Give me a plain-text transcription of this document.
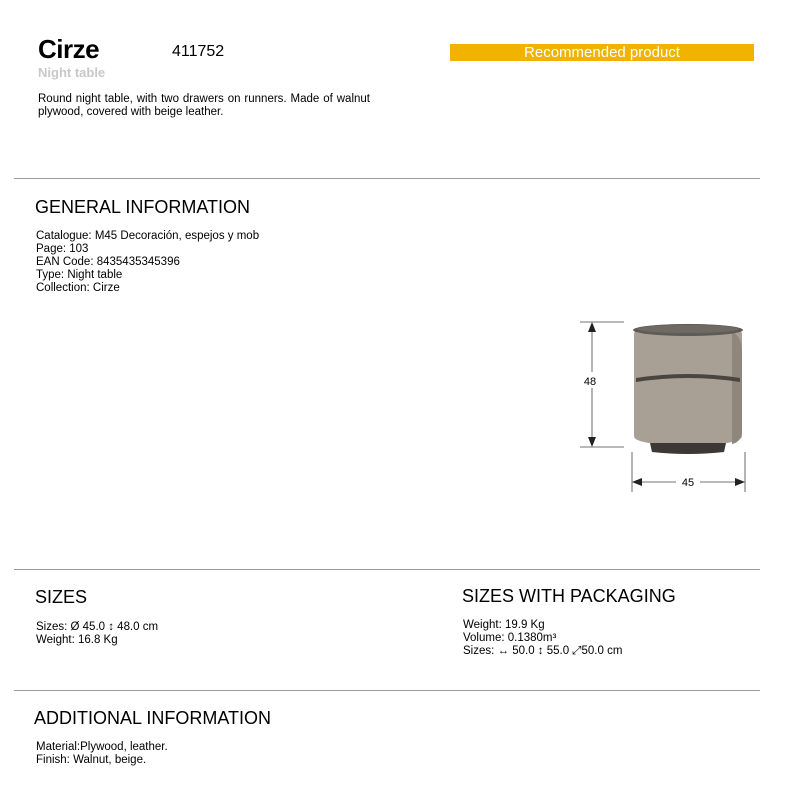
Cirze	411752
Night table
Recommended product
Round night table, with two drawers on runners. Made of walnut plywood, covered with beige leather.
GENERAL INFORMATION
Catalogue: M45 Decoración, espejos y mob
Page: 103
EAN Code: 8435435345396
Type: Night table
Collection: Cirze
48
45
SIZES
Sizes: Ø 45.0 ↕ 48.0 cm
Weight: 16.8 Kg
SIZES WITH PACKAGING
Weight: 19.9 Kg
Volume: 0.1380m³
Sizes: ↔ 50.0 ↕ 55.0 ⤢50.0 cm
ADDITIONAL INFORMATION
Material:Plywood, leather.
Finish: Walnut, beige.
